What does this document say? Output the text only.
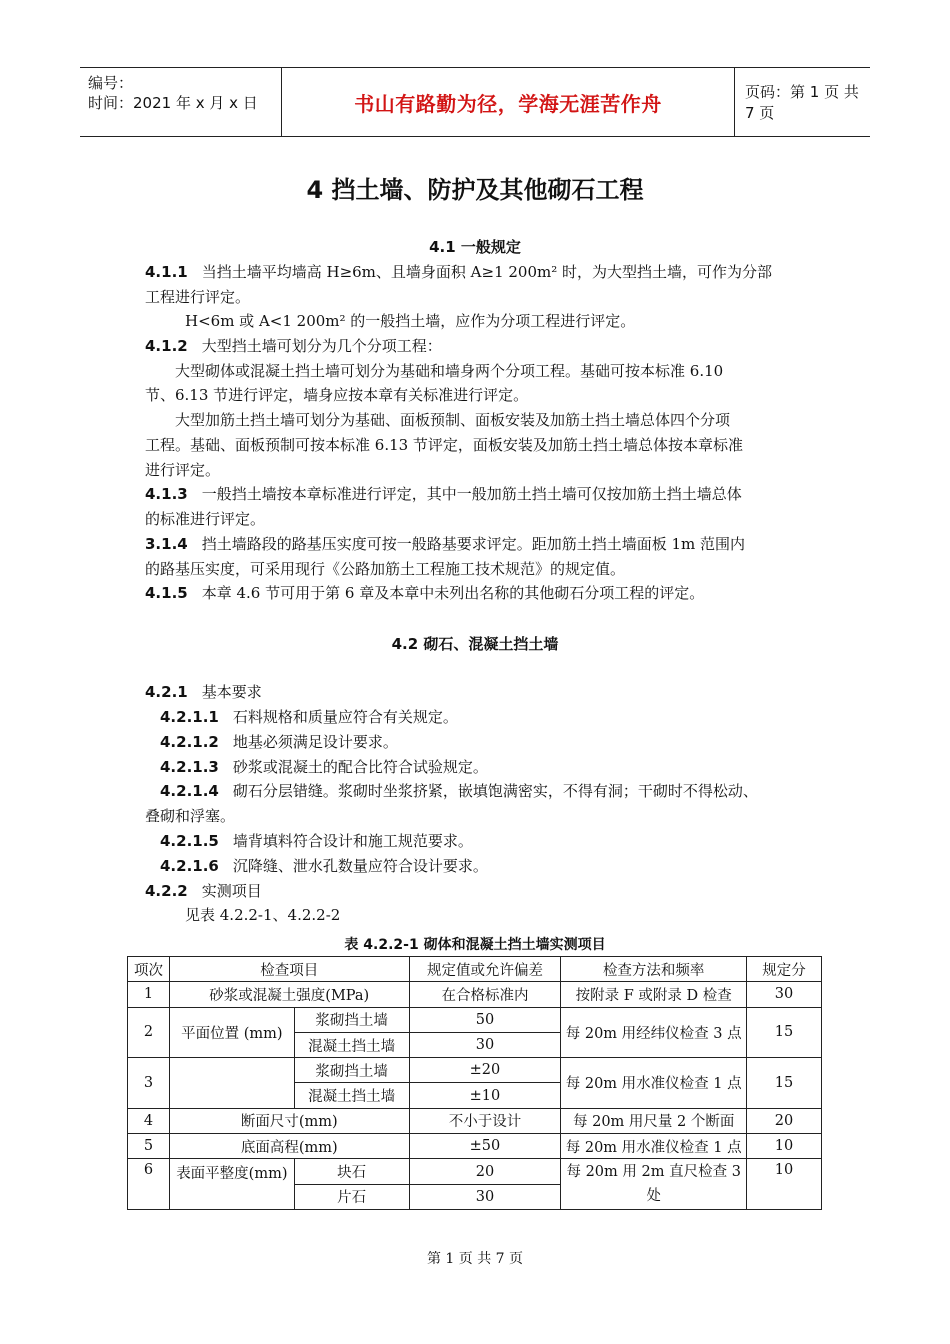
编号：
时间：2021 年 x 月 x 日	书山有路勤为径，学海无涯苦作舟	页码：第 1 页 共 7 页
4 挡土墙、防护及其他砌石工程
4.1 一般规定
4.1.1 当挡土墙平均墙高 H≥6m、且墙身面积 A≥1 200m² 时，为大型挡土墙，可作为分部
工程进行评定。
H<6m 或 A<1 200m² 的一般挡土墙，应作为分项工程进行评定。
4.1.2 大型挡土墙可划分为几个分项工程：
大型砌体或混凝土挡土墙可划分为基础和墙身两个分项工程。基础可按本标准 6.10
节、6.13 节进行评定，墙身应按本章有关标准进行评定。
大型加筋土挡土墙可划分为基础、面板预制、面板安装及加筋土挡土墙总体四个分项
工程。基础、面板预制可按本标准 6.13 节评定，面板安装及加筋土挡土墙总体按本章标准
进行评定。
4.1.3 一般挡土墙按本章标准进行评定，其中一般加筋土挡土墙可仅按加筋土挡土墙总体
的标准进行评定。
3.1.4 挡土墙路段的路基压实度可按一般路基要求评定。距加筋土挡土墙面板 1m 范围内
的路基压实度，可采用现行《公路加筋土工程施工技术规范》的规定值。
4.1.5 本章 4.6 节可用于第 6 章及本章中未列出名称的其他砌石分项工程的评定。
4.2 砌石、混凝土挡土墙
4.2.1 基本要求
4.2.1.1 石料规格和质量应符合有关规定。
4.2.1.2 地基必须满足设计要求。
4.2.1.3 砂浆或混凝土的配合比符合试验规定。
4.2.1.4 砌石分层错缝。浆砌时坐浆挤紧，嵌填饱满密实，不得有洞；干砌时不得松动、
叠砌和浮塞。
4.2.1.5 墙背填料符合设计和施工规范要求。
4.2.1.6 沉降缝、泄水孔数量应符合设计要求。
4.2.2 实测项目
见表 4.2.2-1、4.2.2-2
表 4.2.2-1 砌体和混凝土挡土墙实测项目
项次	检查项目		规定值或允许偏差	检查方法和频率	规定分
1	砂浆或混凝土强度(MPa)		在合格标准内	按附录 F 或附录 D 检查	30
2	平面位置 (mm)	浆砌挡土墙	50	每 20m 用经纬仪检查 3 点	15
		混凝土挡土墙	30		
3		浆砌挡土墙	±20	每 20m 用水准仪检查 1 点	15
		混凝土挡土墙	±10		
4	断面尺寸(mm)		不小于设计	每 20m 用尺量 2 个断面	20
5	底面高程(mm)		±50	每 20m 用水准仪检查 1 点	10
6	表面平整度(mm)	块石	20	每 20m 用 2m 直尺检查 3 处	10
		片石	30		
第 1 页 共 7 页
